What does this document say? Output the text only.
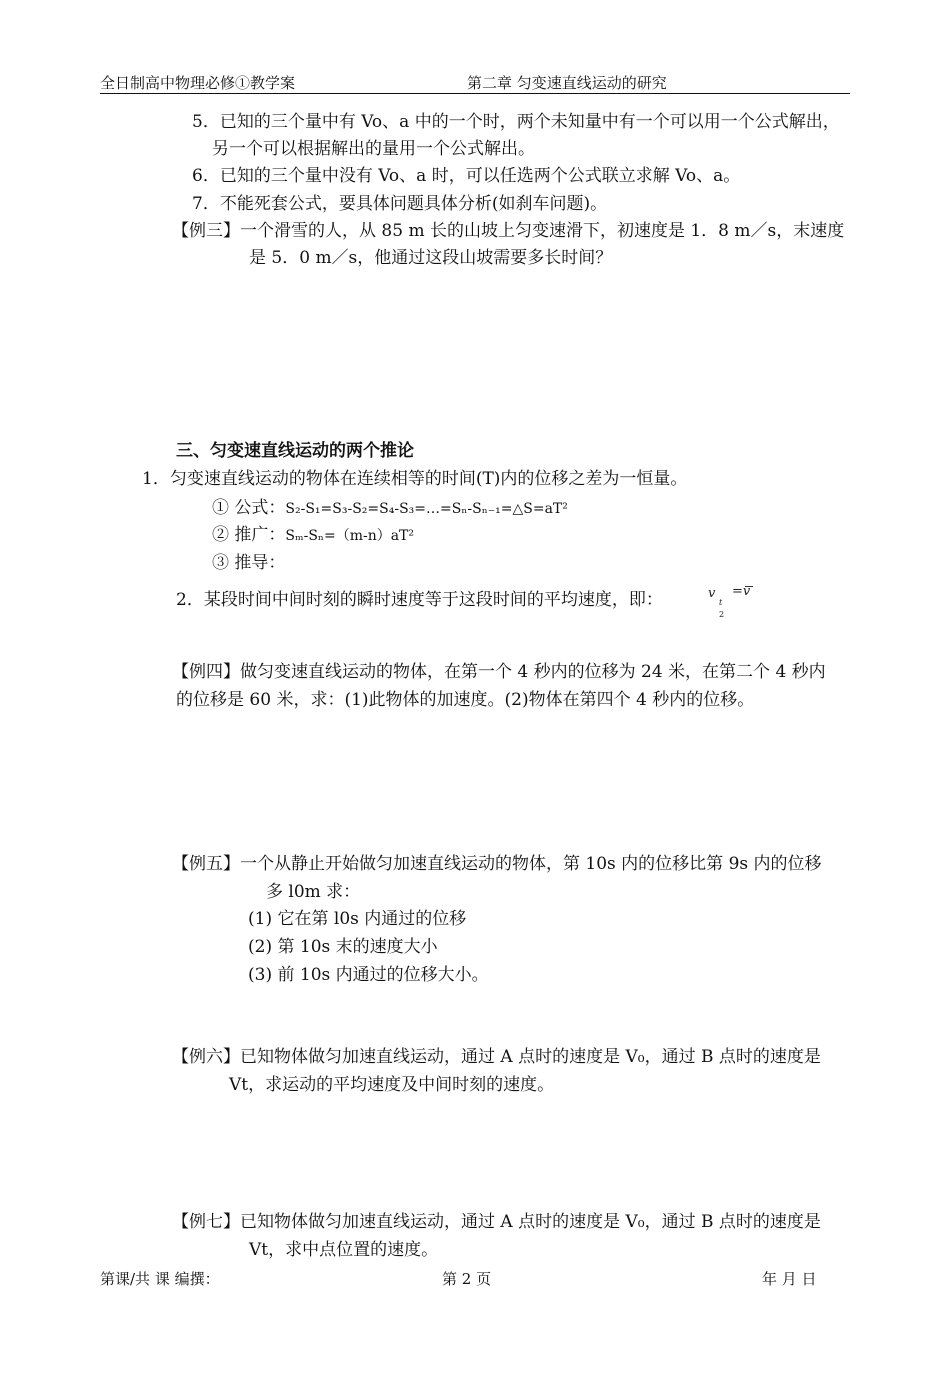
全日制高中物理必修①教学案	第二章 匀变速直线运动的研究
5．已知的三个量中有 Vo、a 中的一个时，两个未知量中有一个可以用一个公式解出，
另一个可以根据解出的量用一个公式解出。
6．已知的三个量中没有 Vo、a 时，可以任选两个公式联立求解 Vo、a。
7．不能死套公式，要具体问题具体分析(如刹车问题)。
【例三】一个滑雪的人，从 85 m 长的山坡上匀变速滑下，初速度是 1．8 m／s，末速度
是 5．0 m／s，他通过这段山坡需要多长时间？
三、匀变速直线运动的两个推论
1．匀变速直线运动的物体在连续相等的时间(T)内的位移之差为一恒量。
① 公式：S₂-S₁=S₃-S₂=S₄-S₃=…=Sₙ-Sₙ₋₁=△S=aT²
② 推广：Sₘ-Sₙ=（m-n）aT²
③ 推导：
2．某段时间中间时刻的瞬时速度等于这段时间的平均速度，即：	v
t
2
=v
【例四】做匀变速直线运动的物体，在第一个 4 秒内的位移为 24 米，在第二个 4 秒内
的位移是 60 米，求：(1)此物体的加速度。(2)物体在第四个 4 秒内的位移。
【例五】一个从静止开始做匀加速直线运动的物体，第 10s 内的位移比第 9s 内的位移
多 l0m 求：
(1) 它在第 l0s 内通过的位移
(2) 第 10s 末的速度大小
(3) 前 10s 内通过的位移大小。
【例六】已知物体做匀加速直线运动，通过 A 点时的速度是 V₀，通过 B 点时的速度是
Vt，求运动的平均速度及中间时刻的速度。
【例七】已知物体做匀加速直线运动，通过 A 点时的速度是 V₀，通过 B 点时的速度是
Vt，求中点位置的速度。
第课/共 课 编撰：	第 2 页	年 月 日
